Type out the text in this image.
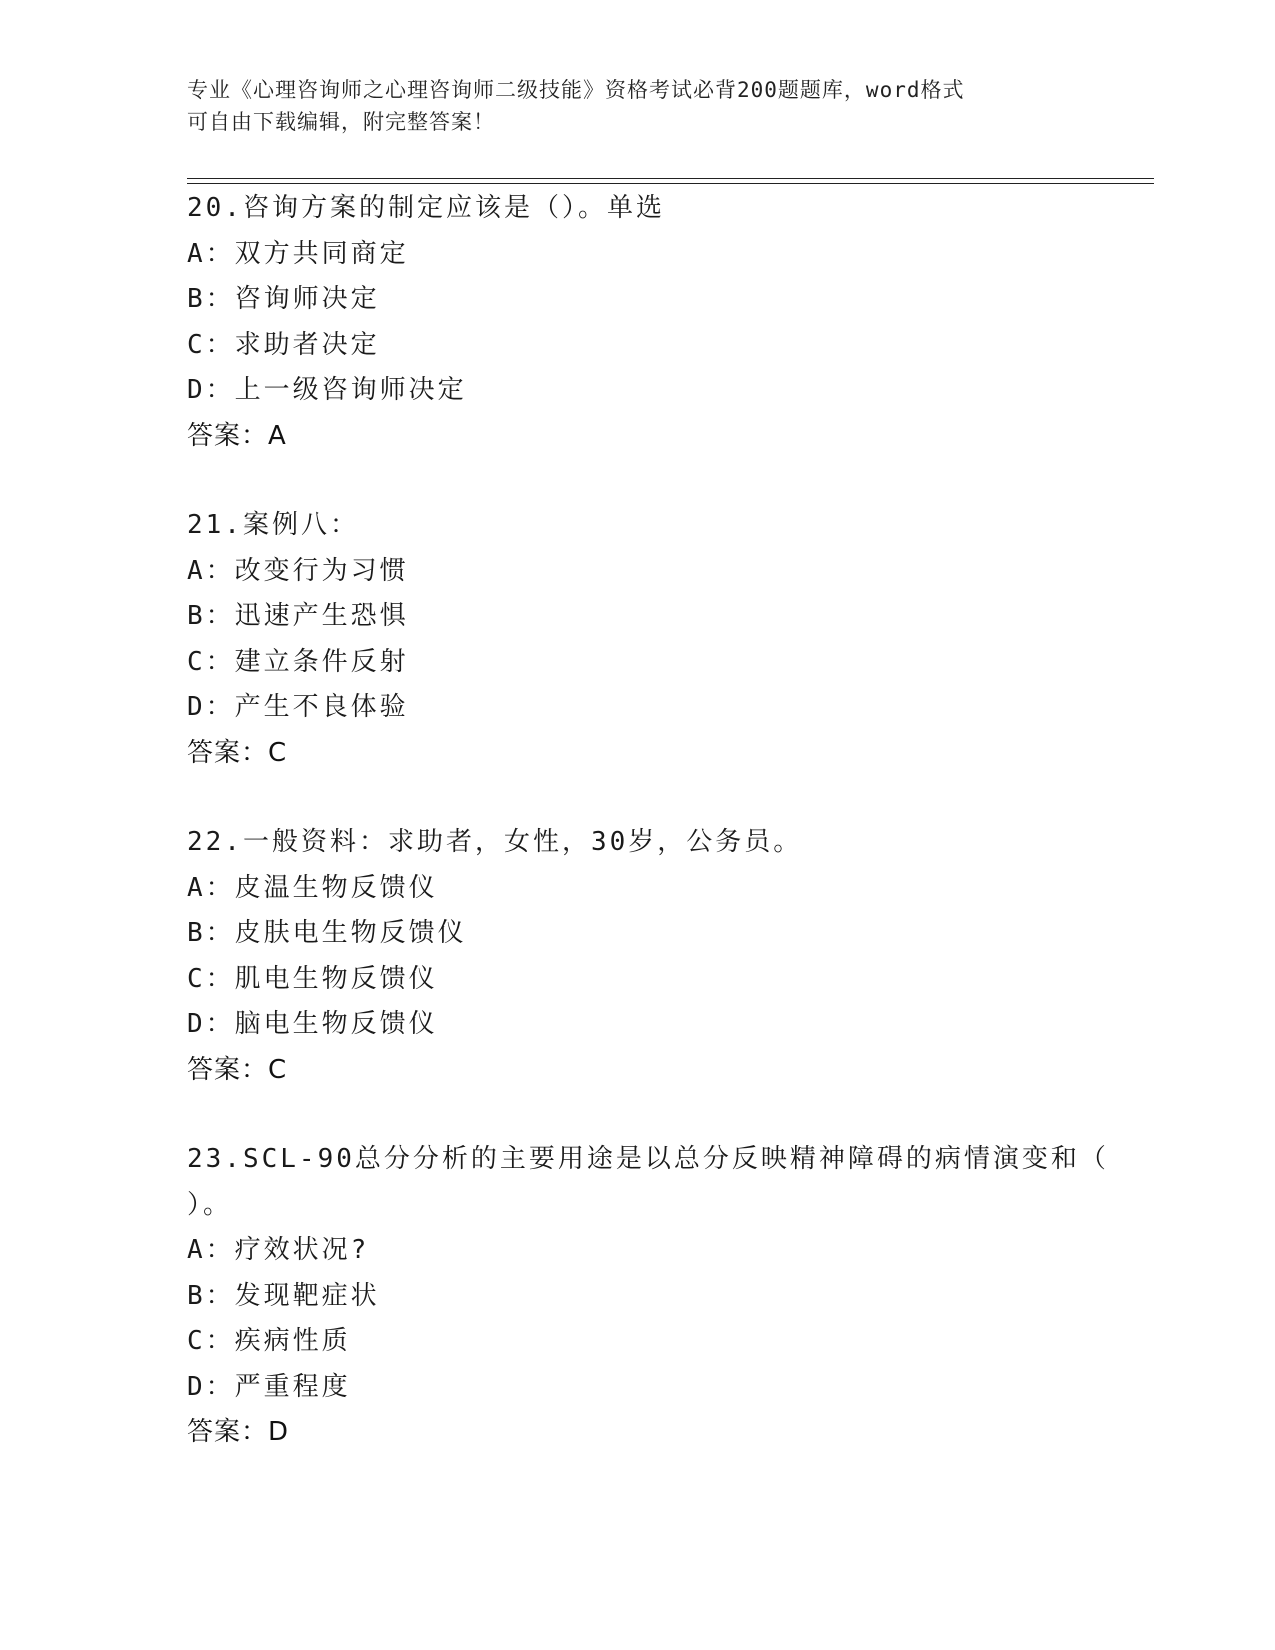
专业《心理咨询师之心理咨询师二级技能》资格考试必背200题题库，word格式
可自由下载编辑，附完整答案！
20.咨询方案的制定应该是（）。单选
A：双方共同商定
B：咨询师决定
C：求助者决定
D：上一级咨询师决定
答案：A
21.案例八：
A：改变行为习惯
B：迅速产生恐惧
C：建立条件反射
D：产生不良体验
答案：C
22.一般资料：求助者，女性，30岁，公务员。
A：皮温生物反馈仪
B：皮肤电生物反馈仪
C：肌电生物反馈仪
D：脑电生物反馈仪
答案：C
23.SCL-90总分分析的主要用途是以总分反映精神障碍的病情演变和（
）。
A：疗效状况?
B：发现靶症状
C：疾病性质
D：严重程度
答案：D
